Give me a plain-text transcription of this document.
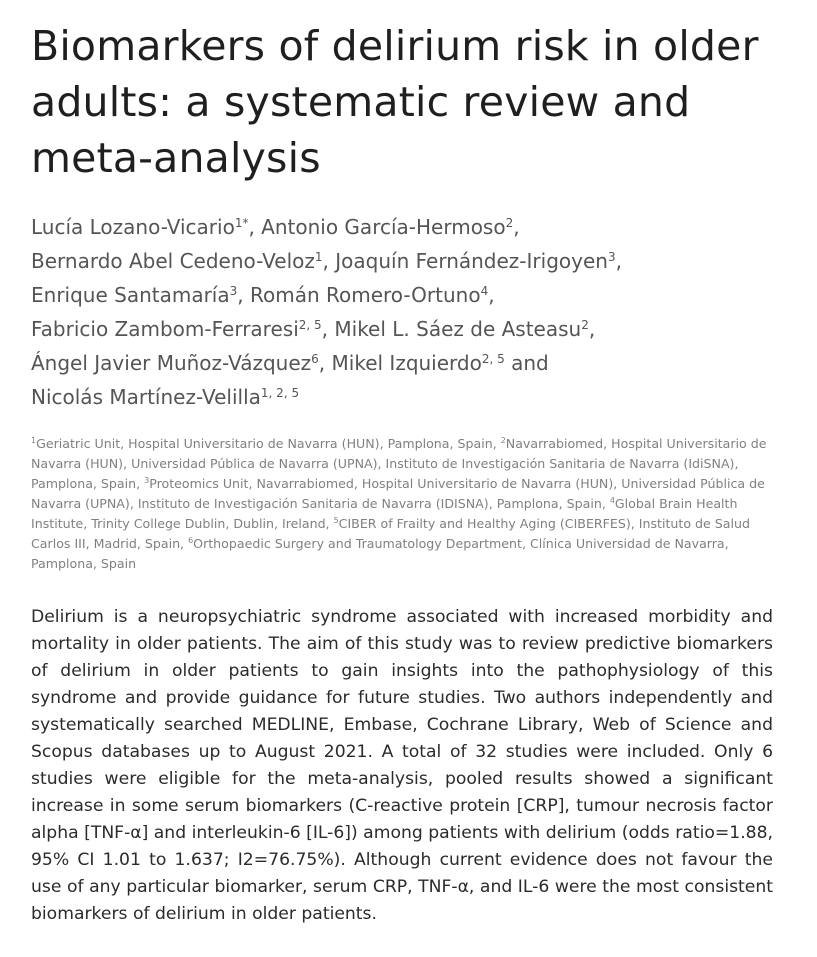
Biomarkers of delirium risk in older adults: a systematic review and meta-analysis
Lucía Lozano-Vicario$^{1*}$, Antonio García-Hermoso$^2$,
Bernardo Abel Cedeno-Veloz$^1$, Joaquín Fernández-Irigoyen$^3$,
Enrique Santamaría$^3$, Román Romero-Ortuno$^4$,
Fabricio Zambom-Ferraresi$^{2, 5}$, Mikel L. Sáez de Asteasu$^2$,
Ángel Javier Muñoz-Vázquez$^6$, Mikel Izquierdo$^{2, 5}$ and
Nicolás Martínez-Velilla$^{1, 2, 5}$
$^1$Geriatric Unit, Hospital Universitario de Navarra (HUN), Pamplona, Spain, $^2$Navarrabiomed, Hospital Universitario de Navarra (HUN), Universidad Pública de Navarra (UPNA), Instituto de Investigación Sanitaria de Navarra (IdiSNA), Pamplona, Spain, $^3$Proteomics Unit, Navarrabiomed, Hospital Universitario de Navarra (HUN), Universidad Pública de Navarra (UPNA), Instituto de Investigación Sanitaria de Navarra (IDISNA), Pamplona, Spain, $^4$Global Brain Health Institute, Trinity College Dublin, Dublin, Ireland, $^5$CIBER of Frailty and Healthy Aging (CIBERFES), Instituto de Salud Carlos III, Madrid, Spain, $^6$Orthopaedic Surgery and Traumatology Department, Clínica Universidad de Navarra, Pamplona, Spain

Delirium is a neuropsychiatric syndrome associated with increased morbidity and mortality in older patients. The aim of this study was to review predictive biomarkers of delirium in older patients to gain insights into the pathophysiology of this syndrome and provide guidance for future studies. Two authors independently and systematically searched MEDLINE, Embase, Cochrane Library, Web of Science and Scopus databases up to August 2021. A total of 32 studies were included. Only 6 studies were eligible for the meta-analysis, pooled results showed a significant increase in some serum biomarkers (C-reactive protein [CRP], tumour necrosis factor alpha [TNF-α] and interleukin-6 [IL-6]) among patients with delirium (odds ratio=1.88, 95% CI 1.01 to 1.637; I2=76.75%). Although current evidence does not favour the use of any particular biomarker, serum CRP, TNF-α, and IL-6 were the most consistent biomarkers of delirium in older patients.
